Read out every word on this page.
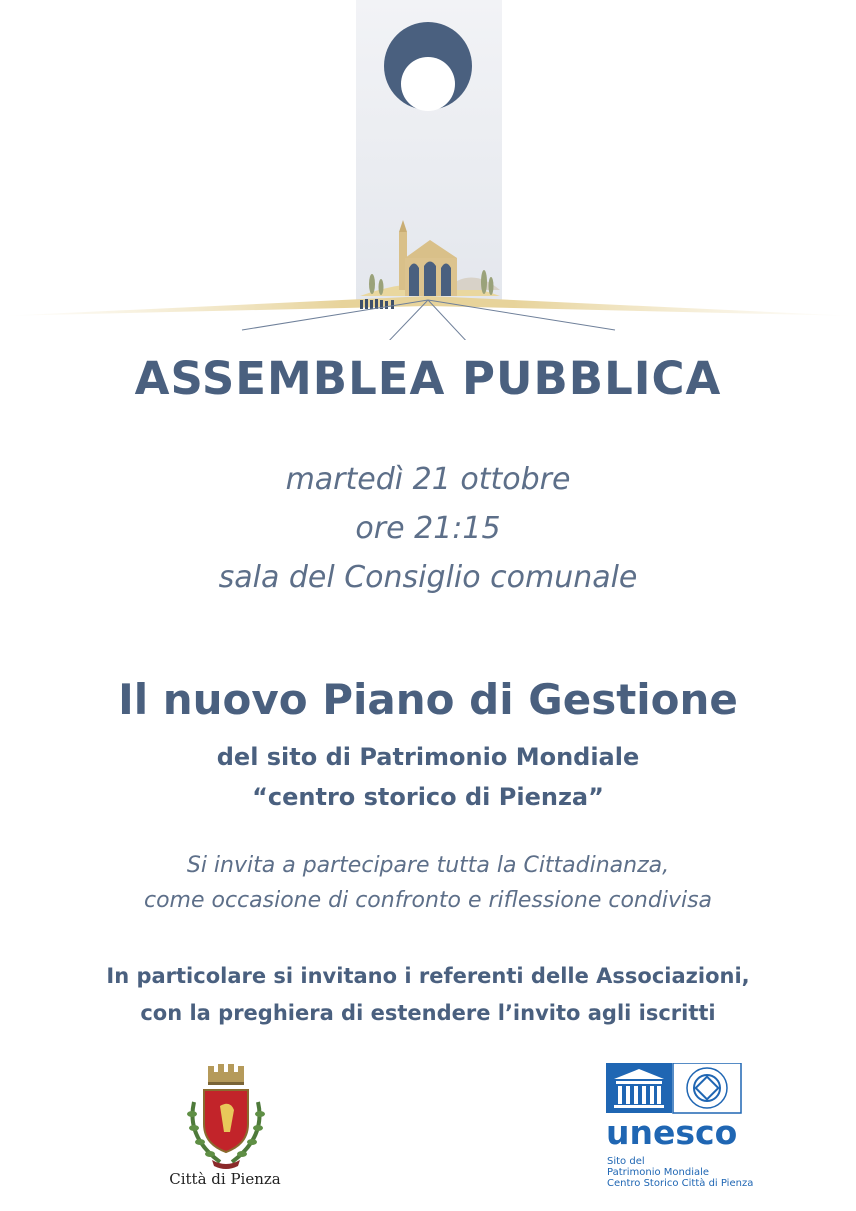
ASSEMBLEA PUBBLICA
martedì 21 ottobre
ore 21:15
sala del Consiglio comunale
Il nuovo Piano di Gestione
del sito di Patrimonio Mondiale
“centro storico di Pienza”
Si invita a partecipare tutta la Cittadinanza,
come occasione di confronto e riflessione condivisa
In particolare si invitano i referenti delle Associazioni,
con la preghiera di estendere l’invito agli iscritti
Città di Pienza
unesco
Sito del
Patrimonio Mondiale
Centro Storico Città di Pienza
